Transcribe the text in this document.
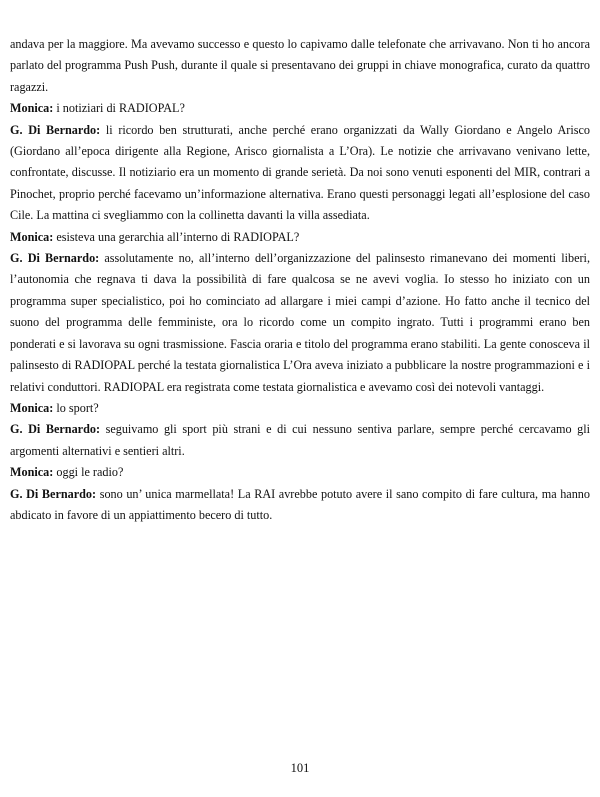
andava per la maggiore. Ma avevamo successo e questo lo capivamo dalle telefonate che arrivavano. Non ti ho ancora parlato del programma Push Push, durante il quale si presentavano dei gruppi in chiave monografica, curato da quattro ragazzi.

Monica: i notiziari di RADIOPAL?

G. Di Bernardo: li ricordo ben strutturati, anche perché erano organizzati da Wally Giordano e Angelo Arisco (Giordano all’epoca dirigente alla Regione, Arisco giornalista a L’Ora). Le notizie che arrivavano venivano lette, confrontate, discusse. Il notiziario era un momento di grande serietà. Da noi sono venuti esponenti del MIR, contrari a Pinochet, proprio perché facevamo un’informazione alternativa. Erano questi personaggi legati all’esplosione del caso Cile. La mattina ci svegliammo con la collinetta davanti la villa assediata.

Monica: esisteva una gerarchia all’interno di RADIOPAL?

G. Di Bernardo: assolutamente no, all’interno dell’organizzazione del palinsesto rimanevano dei momenti liberi, l’autonomia che regnava ti dava la possibilità di fare qualcosa se ne avevi voglia. Io stesso ho iniziato con un programma super specialistico, poi ho cominciato ad allargare i miei campi d’azione. Ho fatto anche il tecnico del suono del programma delle femministe, ora lo ricordo come un compito ingrato. Tutti i programmi erano ben ponderati e si lavorava su ogni trasmissione. Fascia oraria e titolo del programma erano stabiliti. La gente conosceva il palinsesto di RADIOPAL perché la testata giornalistica L’Ora aveva iniziato a pubblicare la nostre programmazioni e i relativi conduttori. RADIOPAL era registrata come testata giornalistica e avevamo così dei notevoli vantaggi.

Monica: lo sport?

G. Di Bernardo: seguivamo gli sport più strani e di cui nessuno sentiva parlare, sempre perché cercavamo gli argomenti alternativi e sentieri altri.

Monica: oggi le radio?

G. Di Bernardo: sono un’ unica marmellata! La RAI avrebbe potuto avere il sano compito di fare cultura, ma hanno abdicato in favore di un appiattimento becero di tutto.

101
